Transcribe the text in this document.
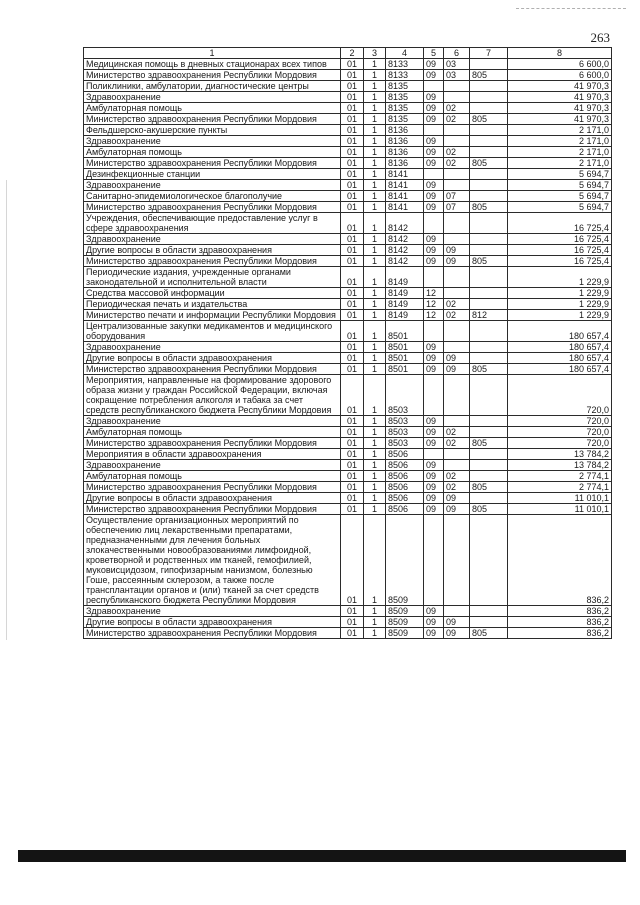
263
1	2	3	4	5	6	7	8
Медицинская помощь в дневных стационарах всех типов	01	1	8133	09	03		6 600,0
Министерство здравоохранения Республики Мордовия	01	1	8133	09	03	805	6 600,0
Поликлиники, амбулатории, диагностические центры	01	1	8135				41 970,3
Здравоохранение	01	1	8135	09			41 970,3
Амбулаторная помощь	01	1	8135	09	02		41 970,3
Министерство здравоохранения Республики Мордовия	01	1	8135	09	02	805	41 970,3
Фельдшерско-акушерские пункты	01	1	8136				2 171,0
Здравоохранение	01	1	8136	09			2 171,0
Амбулаторная помощь	01	1	8136	09	02		2 171,0
Министерство здравоохранения Республики Мордовия	01	1	8136	09	02	805	2 171,0
Дезинфекционные станции	01	1	8141				5 694,7
Здравоохранение	01	1	8141	09			5 694,7
Санитарно-эпидемиологическое благополучие	01	1	8141	09	07		5 694,7
Министерство здравоохранения Республики Мордовия	01	1	8141	09	07	805	5 694,7
Учреждения, обеспечивающие предоставление услуг в сфере здравоохранения	01	1	8142				16 725,4
Здравоохранение	01	1	8142	09			16 725,4
Другие вопросы в области здравоохранения	01	1	8142	09	09		16 725,4
Министерство здравоохранения Республики Мордовия	01	1	8142	09	09	805	16 725,4
Периодические издания, учрежденные органами законодательной и исполнительной власти	01	1	8149				1 229,9
Средства массовой информации	01	1	8149	12			1 229,9
Периодическая печать и издательства	01	1	8149	12	02		1 229,9
Министерство печати и информации Республики Мордовия	01	1	8149	12	02	812	1 229,9
Централизованные закупки медикаментов и медицинского оборудования	01	1	8501				180 657,4
Здравоохранение	01	1	8501	09			180 657,4
Другие вопросы в области здравоохранения	01	1	8501	09	09		180 657,4
Министерство здравоохранения Республики Мордовия	01	1	8501	09	09	805	180 657,4
Мероприятия, направленные на формирование здорового образа жизни у граждан Российской Федерации, включая сокращение потребления алкоголя и табака за счет средств республиканского бюджета Республики Мордовия	01	1	8503				720,0
Здравоохранение	01	1	8503	09			720,0
Амбулаторная помощь	01	1	8503	09	02		720,0
Министерство здравоохранения Республики Мордовия	01	1	8503	09	02	805	720,0
Мероприятия в области здравоохранения	01	1	8506				13 784,2
Здравоохранение	01	1	8506	09			13 784,2
Амбулаторная помощь	01	1	8506	09	02		2 774,1
Министерство здравоохранения Республики Мордовия	01	1	8506	09	02	805	2 774,1
Другие вопросы в области здравоохранения	01	1	8506	09	09		11 010,1
Министерство здравоохранения Республики Мордовия	01	1	8506	09	09	805	11 010,1
Осуществление организационных мероприятий по обеспечению лиц лекарственными препаратами, предназначенными для лечения больных злокачественными новообразованиями лимфоидной, кроветворной и родственных им тканей, гемофилией, муковисцидозом, гипофизарным нанизмом, болезнью Гоше, рассеянным склерозом, а также после трансплантации органов и (или) тканей за счет средств республиканского бюджета Республики Мордовия	01	1	8509				836,2
Здравоохранение	01	1	8509	09			836,2
Другие вопросы в области здравоохранения	01	1	8509	09	09		836,2
Министерство здравоохранения Республики Мордовия	01	1	8509	09	09	805	836,2
